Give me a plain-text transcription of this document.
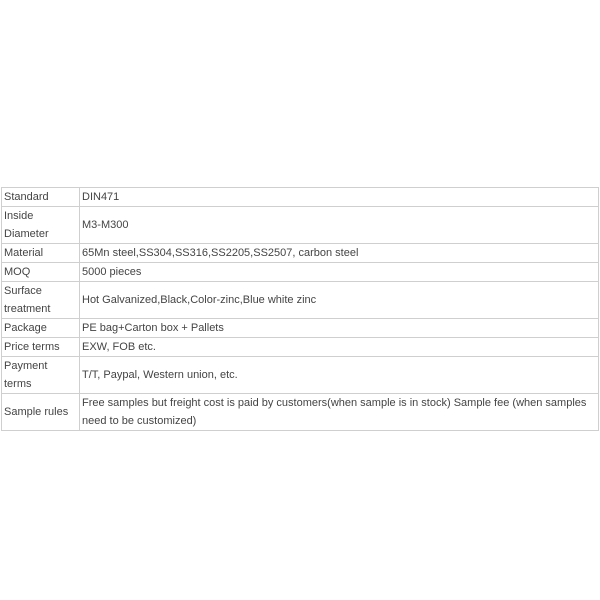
Standard	DIN471
Inside Diameter	M3-M300
Material	65Mn steel,SS304,SS316,SS2205,SS2507, carbon steel
MOQ	5000 pieces
Surface treatment	Hot Galvanized,Black,Color-zinc,Blue white zinc
Package	PE bag+Carton box + Pallets
Price terms	EXW, FOB etc.
Payment terms	T/T, Paypal, Western union, etc.
Sample rules	Free samples but freight cost is paid by customers(when sample is in stock) Sample fee (when samples need to be customized)
